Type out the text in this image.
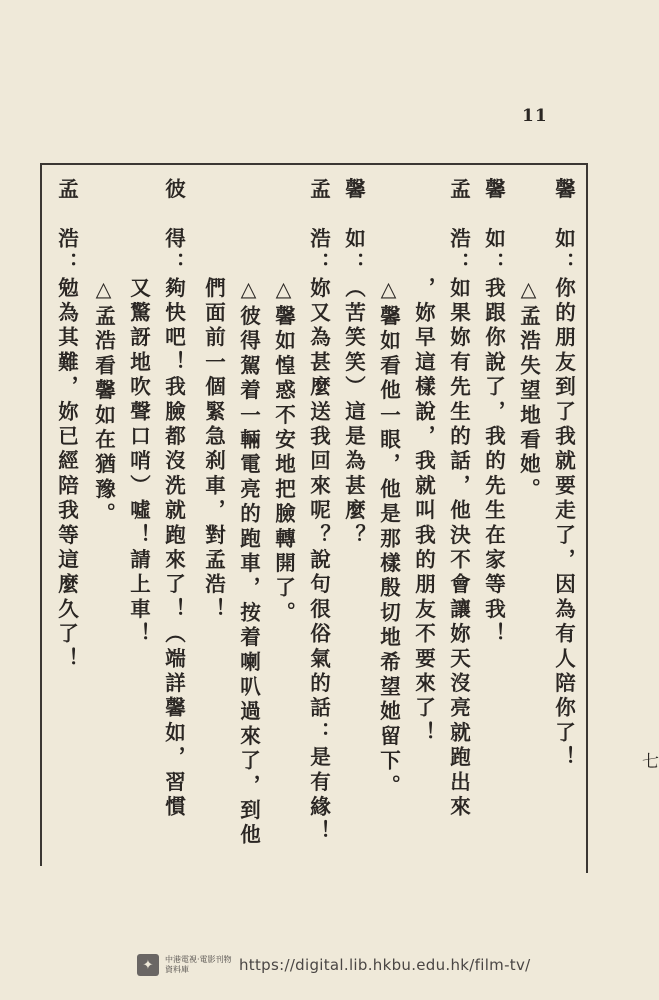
11
馨　如：你的朋友到了我就要走了，因為有人陪你了！
　　　　△孟浩失望地看她。
馨　如：我跟你說了，我的先生在家等我！
孟　浩：如果妳有先生的話，他決不會讓妳天沒亮就跑出來
　　　　，妳早這樣說，我就叫我的朋友不要來了！
　　　　△馨如看他一眼，他是那樣殷切地希望她留下。
馨　如：（苦笑笑）這是為甚麼？
孟　浩：妳又為甚麼送我回來呢？說句很俗氣的話：是有緣！
　　　　△馨如惶惑不安地把臉轉開了。
　　　　△彼得駕着一輛電亮的跑車，按着喇叭過來了，到他
　　　　們面前一個緊急刹車，對孟浩！
彼　得：夠快吧！我臉都沒洗就跑來了！（端詳馨如，習慣
　　　　又驚訝地吹聲口哨）噓！請上車！
　　　　△孟浩看馨如在猶豫。
孟　浩：勉為其難，妳已經陪我等這麼久了！
七
✦	中港電視‧電影刊物資料庫	https://digital.lib.hkbu.edu.hk/film-tv/
